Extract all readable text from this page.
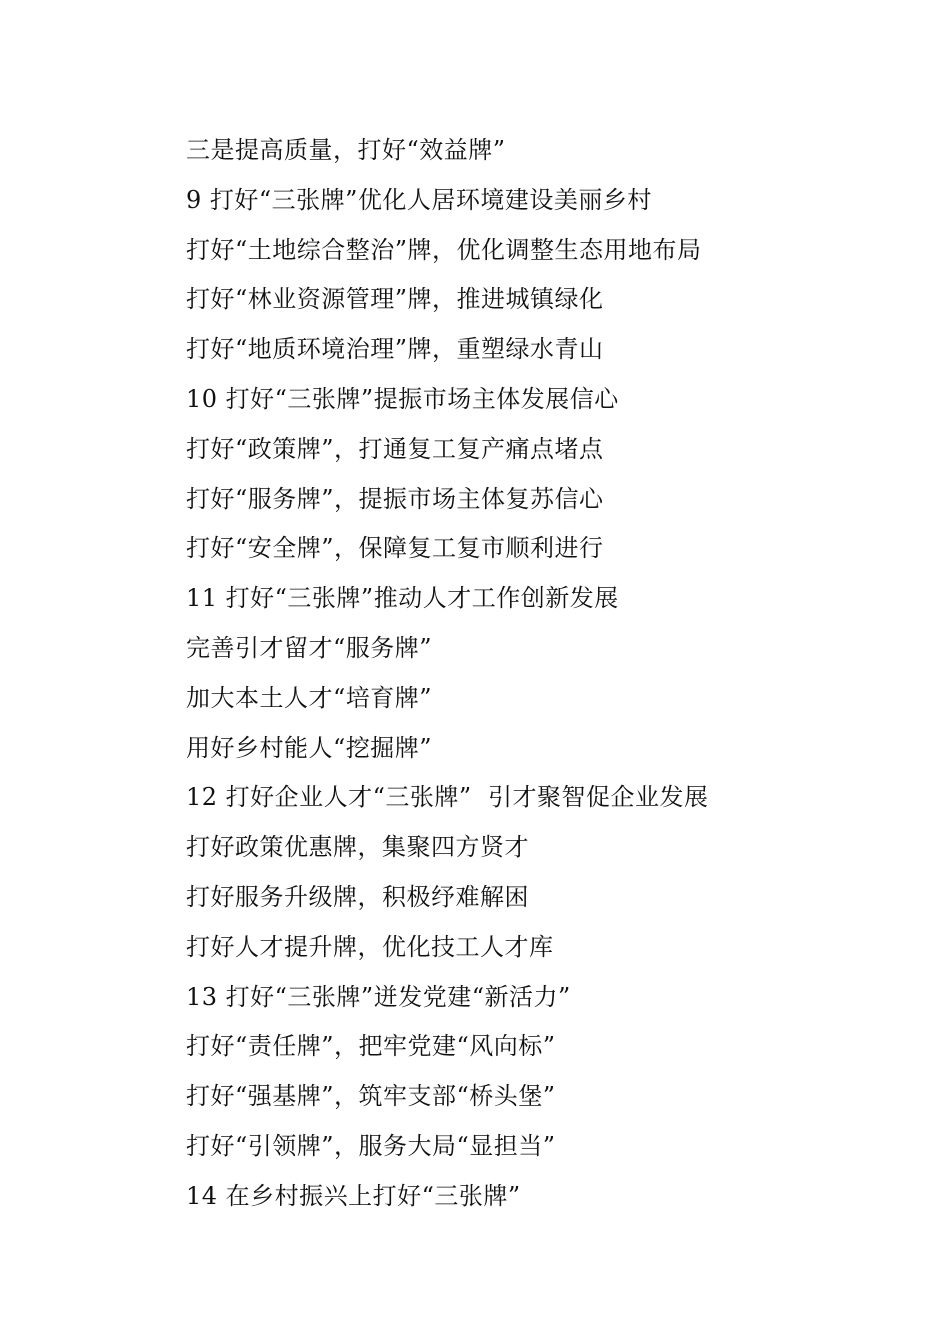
三是提高质量，打好“效益牌”
9 打好“三张牌”优化人居环境建设美丽乡村
打好“土地综合整治”牌，优化调整生态用地布局
打好“林业资源管理”牌，推进城镇绿化
打好“地质环境治理”牌，重塑绿水青山
10 打好“三张牌”提振市场主体发展信心
打好“政策牌”，打通复工复产痛点堵点
打好“服务牌”，提振市场主体复苏信心
打好“安全牌”，保障复工复市顺利进行
11 打好“三张牌”推动人才工作创新发展
完善引才留才“服务牌”
加大本土人才“培育牌”
用好乡村能人“挖掘牌”
12 打好企业人才“三张牌”  引才聚智促企业发展
打好政策优惠牌，集聚四方贤才
打好服务升级牌，积极纾难解困
打好人才提升牌，优化技工人才库
13 打好“三张牌”迸发党建“新活力”
打好“责任牌”，把牢党建“风向标”
打好“强基牌”，筑牢支部“桥头堡”
打好“引领牌”，服务大局“显担当”
14 在乡村振兴上打好“三张牌”
